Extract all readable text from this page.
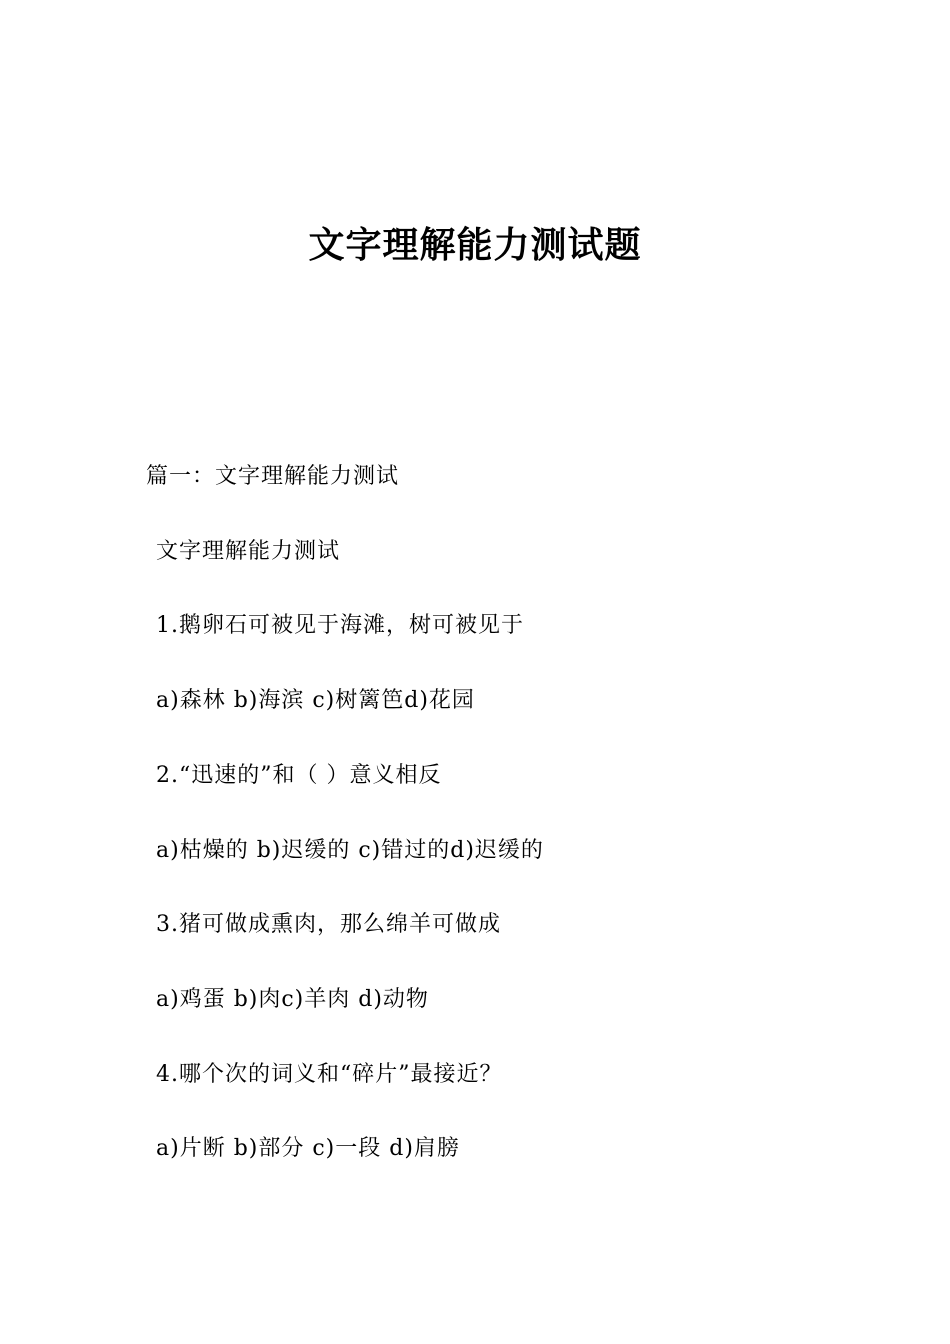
文字理解能力测试题
篇一：文字理解能力测试
文字理解能力测试
1.鹅卵石可被见于海滩，树可被见于
a)森林 b)海滨 c)树篱笆d)花园
2.“迅速的”和（ ）意义相反
a)枯燥的 b)迟缓的 c)错过的d)迟缓的
3.猪可做成熏肉，那么绵羊可做成
a)鸡蛋 b)肉c)羊肉 d)动物
4.哪个次的词义和“碎片”最接近？
a)片断 b)部分 c)一段 d)肩膀
